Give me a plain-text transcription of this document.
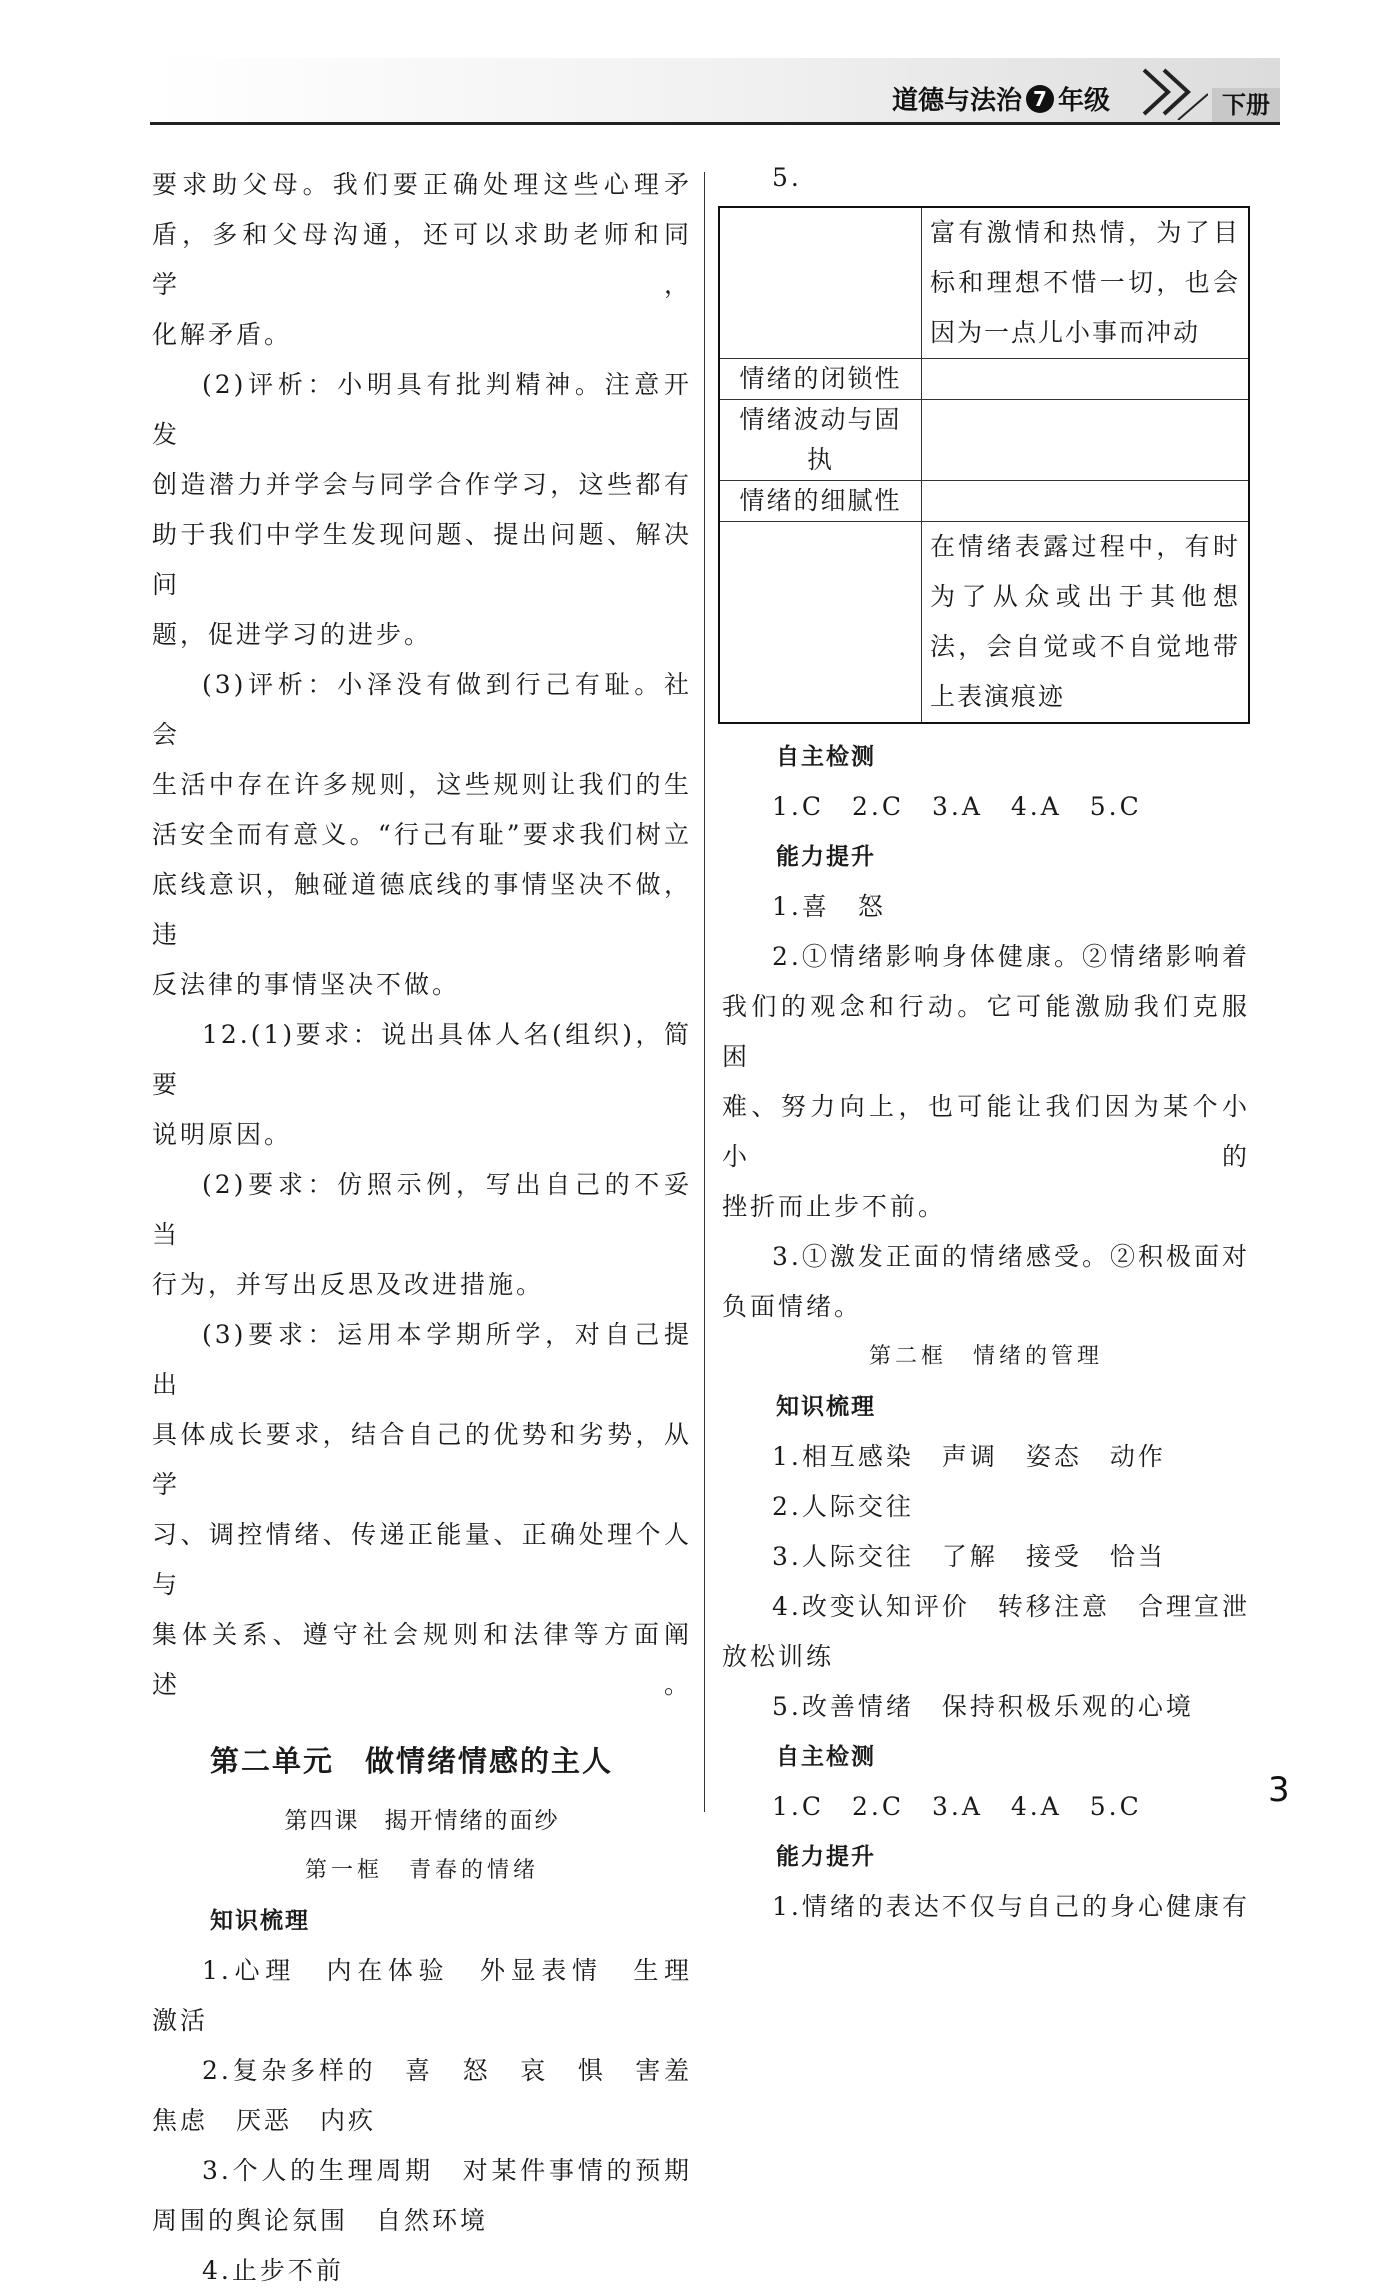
道德与法治 7 年级	下册

要求助父母。我们要正确处理这些心理矛

盾，多和父母沟通，还可以求助老师和同学，

化解矛盾。

(2)评析：小明具有批判精神。注意开发

创造潜力并学会与同学合作学习，这些都有

助于我们中学生发现问题、提出问题、解决问

题，促进学习的进步。

(3)评析：小泽没有做到行己有耻。社会

生活中存在许多规则，这些规则让我们的生

活安全而有意义。“行己有耻”要求我们树立

底线意识，触碰道德底线的事情坚决不做，违

反法律的事情坚决不做。

12.(1)要求：说出具体人名(组织)，简要

说明原因。

(2)要求：仿照示例，写出自己的不妥当

行为，并写出反思及改进措施。

(3)要求：运用本学期所学，对自己提出

具体成长要求，结合自己的优势和劣势，从学

习、调控情绪、传递正能量、正确处理个人与

集体关系、遵守社会规则和法律等方面阐述。

第二单元　做情绪情感的主人

第四课　揭开情绪的面纱

第一框　青春的情绪

知识梳理

1.心理　内在体验　外显表情　生理

激活

2.复杂多样的　喜　怒　哀　惧　害羞

焦虑　厌恶　内疚

3.个人的生理周期　对某件事情的预期

周围的舆论氛围　自然环境

4.止步不前

5.

	富有激情和热情，为了目
标和理想不惜一切，也会
因为一点儿小事而冲动

情绪的闭锁性	
情绪波动与固执	
情绪的细腻性	

	在情绪表露过程中，有时
为了从众或出于其他想
法，会自觉或不自觉地带
上表演痕迹

自主检测

1.C　2.C　3.A　4.A　5.C

能力提升

1.喜　怒

2.①情绪影响身体健康。②情绪影响着

我们的观念和行动。它可能激励我们克服困

难、努力向上，也可能让我们因为某个小小的

挫折而止步不前。

3.①激发正面的情绪感受。②积极面对

负面情绪。

第二框　情绪的管理

知识梳理

1.相互感染　声调　姿态　动作

2.人际交往

3.人际交往　了解　接受　恰当

4.改变认知评价　转移注意　合理宣泄

放松训练

5.改善情绪　保持积极乐观的心境

自主检测

1.C　2.C　3.A　4.A　5.C

能力提升

1.情绪的表达不仅与自己的身心健康有

3
